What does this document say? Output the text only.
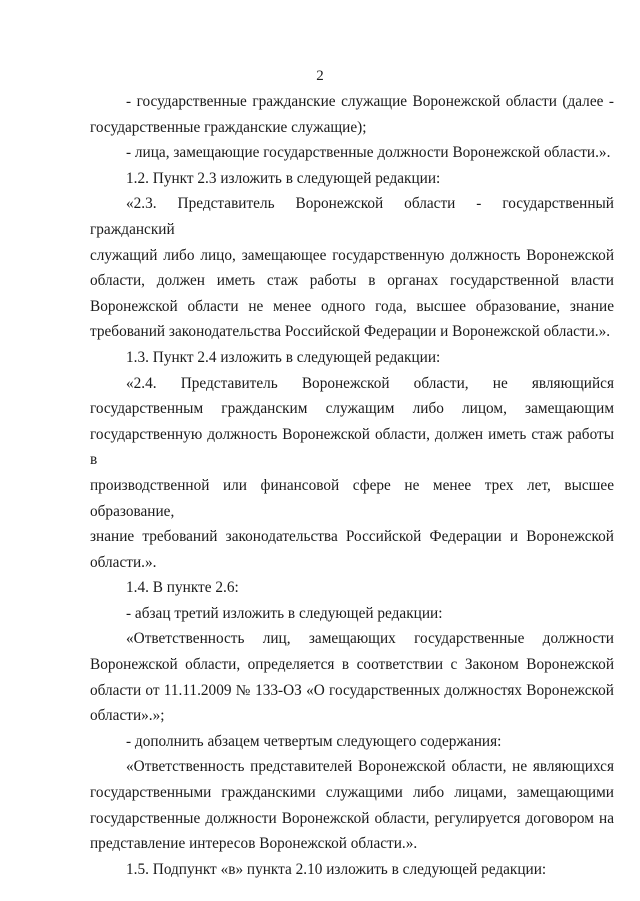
2

- государственные гражданские служащие Воронежской области (далее -
государственные гражданские служащие);

- лица, замещающие государственные должности Воронежской области.».

1.2. Пункт 2.3 изложить в следующей редакции:

«2.3. Представитель Воронежской области - государственный гражданский
служащий либо лицо, замещающее государственную должность Воронежской
области, должен иметь стаж работы в органах государственной власти
Воронежской области не менее одного года, высшее образование, знание
требований законодательства Российской Федерации и Воронежской области.».

1.3. Пункт 2.4 изложить в следующей редакции:

«2.4. Представитель Воронежской области, не являющийся
государственным гражданским служащим либо лицом, замещающим
государственную должность Воронежской области, должен иметь стаж работы в
производственной или финансовой сфере не менее трех лет, высшее образование,
знание требований законодательства Российской Федерации и Воронежской
области.».

1.4. В пункте 2.6:

- абзац третий изложить в следующей редакции:

«Ответственность лиц, замещающих государственные должности
Воронежской области, определяется в соответствии с Законом Воронежской
области от 11.11.2009 № 133-ОЗ «О государственных должностях Воронежской
области».»;

- дополнить абзацем четвертым следующего содержания:

«Ответственность представителей Воронежской области, не являющихся
государственными гражданскими служащими либо лицами, замещающими
государственные должности Воронежской области, регулируется договором на
представление интересов Воронежской области.».

1.5. Подпункт «в» пункта 2.10 изложить в следующей редакции:
